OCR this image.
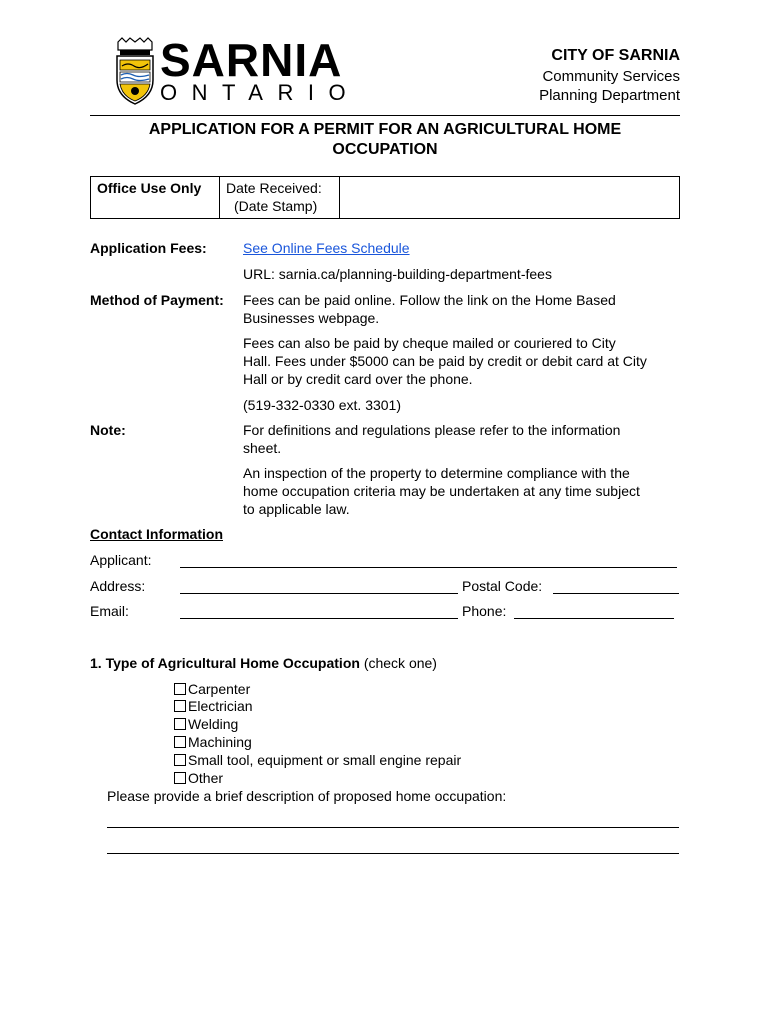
SARNIA
ONTARIO
CITY OF SARNIA
Community Services
Planning Department
APPLICATION FOR A PERMIT FOR AN AGRICULTURAL HOME
OCCUPATION
Office Use Only	Date Received:
(Date Stamp)
Application Fees:	See Online Fees Schedule
URL: sarnia.ca/planning-building-department-fees
Method of Payment: Fees can be paid online. Follow the link on the Home Based
Businesses webpage.
Fees can also be paid by cheque mailed or couriered to City
Hall. Fees under $5000 can be paid by credit or debit card at City
Hall or by credit card over the phone.
(519-332-0330 ext. 3301)
Note:	For definitions and regulations please refer to the information
sheet.
An inspection of the property to determine compliance with the
home occupation criteria may be undertaken at any time subject
to applicable law.
Contact Information
Applicant:
Address:	Postal Code:
Email:	Phone:
1. Type of Agricultural Home Occupation (check one)
Carpenter
Electrician
Welding
Machining
Small tool, equipment or small engine repair
Other
Please provide a brief description of proposed home occupation:
